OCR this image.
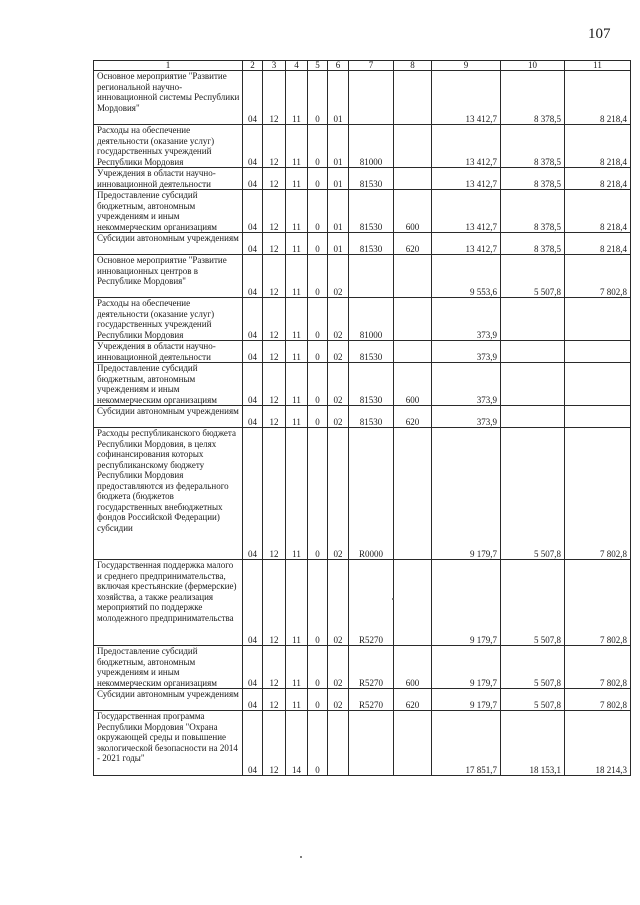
107
1	2	3	4	5	6	7	8	9	10	11

Основное мероприятие "Развитие региональной научно-инновационной системы Республики Мордовия"	04	12	11	0	01			13 412,7	8 378,5	8 218,4

Расходы на обеспечение деятельности (оказание услуг) государственных учреждений Республики Мордовия	04	12	11	0	01	81000		13 412,7	8 378,5	8 218,4

Учреждения в области научно-инновационной деятельности	04	12	11	0	01	81530		13 412,7	8 378,5	8 218,4

Предоставление субсидий бюджетным, автономным учреждениям и иным некоммерческим организациям	04	12	11	0	01	81530	600	13 412,7	8 378,5	8 218,4

Субсидии автономным учреждениям	04	12	11	0	01	81530	620	13 412,7	8 378,5	8 218,4

Основное мероприятие "Развитие инновационных центров в Республике Мордовия"	04	12	11	0	02			9 553,6	5 507,8	7 802,8

Расходы на обеспечение деятельности (оказание услуг) государственных учреждений Республики Мордовия	04	12	11	0	02	81000		373,9		

Учреждения в области научно-инновационной деятельности	04	12	11	0	02	81530		373,9		

Предоставление субсидий бюджетным, автономным учреждениям и иным некоммерческим организациям	04	12	11	0	02	81530	600	373,9		

Субсидии автономным учреждениям	04	12	11	0	02	81530	620	373,9		

Расходы республиканского бюджета Республики Мордовия, в целях софинансирования которых республиканскому бюджету Республики Мордовия предоставляются из федерального бюджета (бюджетов государственных внебюджетных фондов Российской Федерации) субсидии	04	12	11	0	02	R0000		9 179,7	5 507,8	7 802,8

Государственная поддержка малого и среднего предпринимательства, включая крестьянские (фермерские) хозяйства, а также реализация мероприятий по поддержке молодежного предпринимательства	04	12	11	0	02	R5270		9 179,7	5 507,8	7 802,8

Предоставление субсидий бюджетным, автономным учреждениям и иным некоммерческим организациям	04	12	11	0	02	R5270	600	9 179,7	5 507,8	7 802,8

Субсидии автономным учреждениям	04	12	11	0	02	R5270	620	9 179,7	5 507,8	7 802,8

Государственная программа Республики Мордовия "Охрана окружающей среды и повышение экологической безопасности на 2014 - 2021 годы"	04	12	14	0				17 851,7	18 153,1	18 214,3
